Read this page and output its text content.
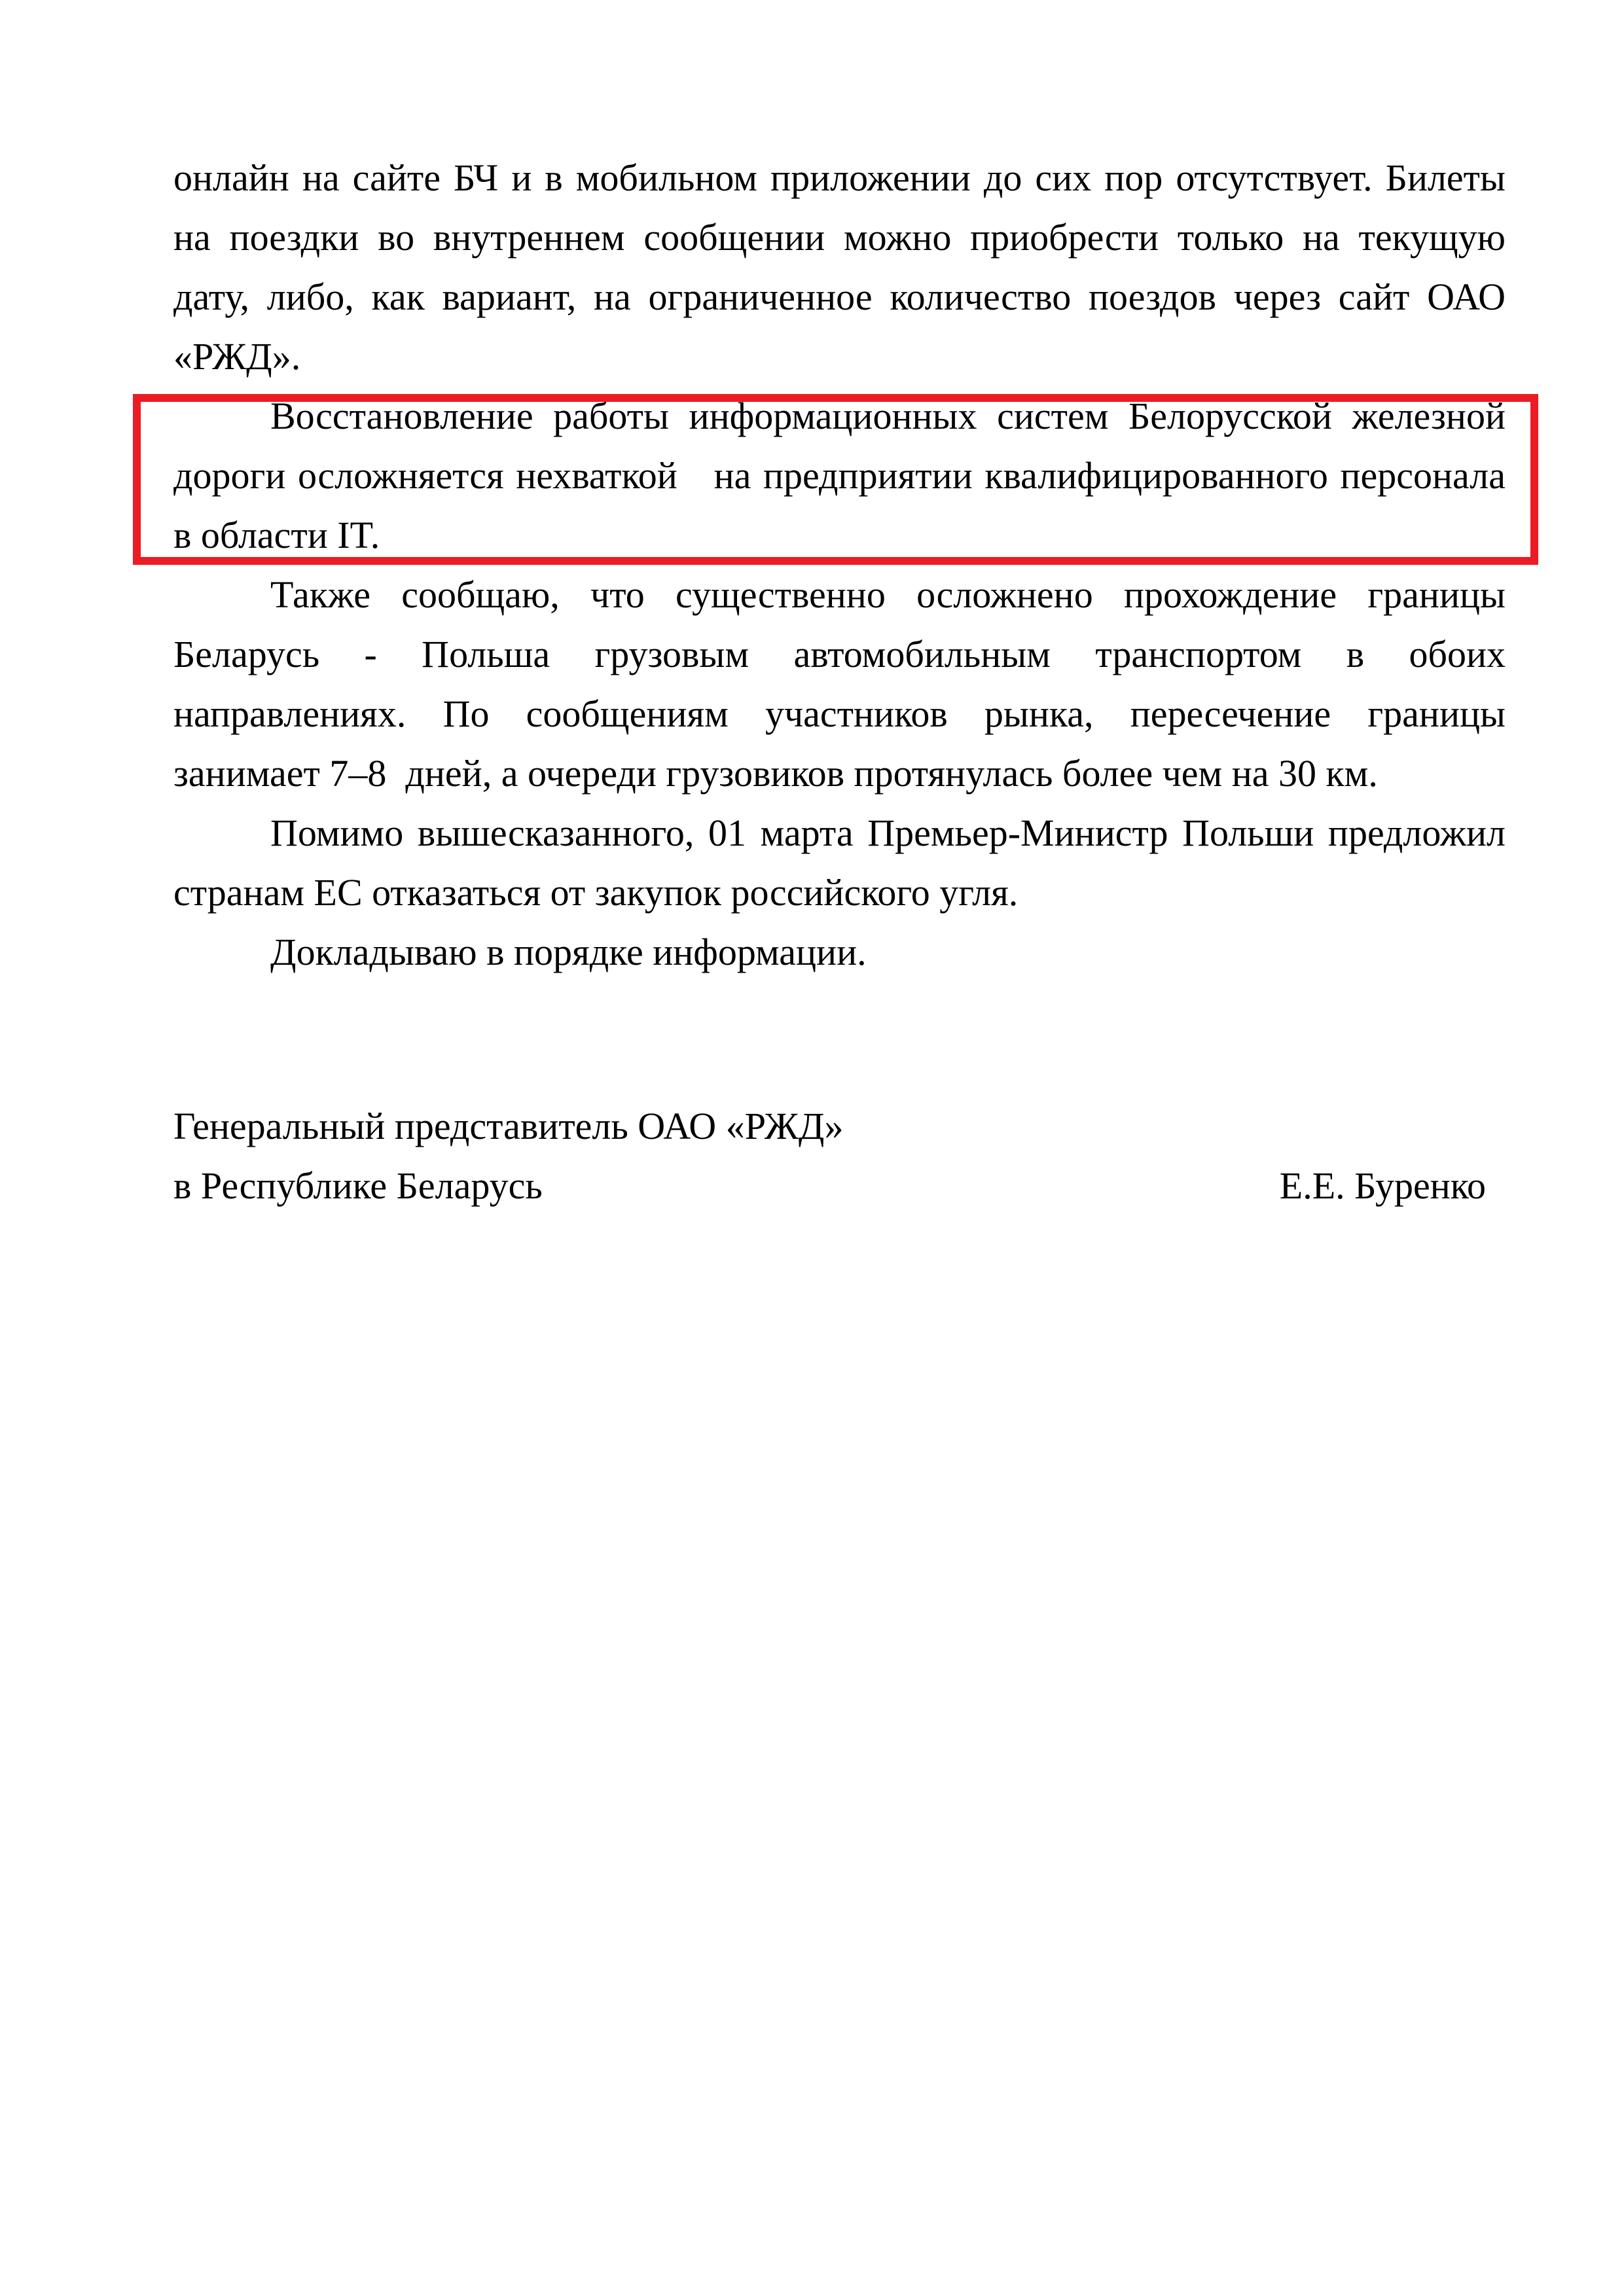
онлайн на сайте БЧ и в мобильном приложении до сих пор отсутствует. Билеты
на поездки во внутреннем сообщении можно приобрести только на текущую
дату, либо, как вариант, на ограниченное количество поездов через сайт ОАО
«РЖД».
Восстановление работы информационных систем Белорусской железной
дороги осложняется нехваткой   на предприятии квалифицированного персонала
в области IT.
Также сообщаю, что существенно осложнено прохождение границы
Беларусь - Польша грузовым автомобильным транспортом в обоих
направлениях. По сообщениям участников рынка, пересечение границы
занимает 7–8  дней, а очереди грузовиков протянулась более чем на 30 км.
Помимо вышесказанного, 01 марта Премьер-Министр Польши предложил
странам ЕС отказаться от закупок российского угля.
Докладываю в порядке информации.
Генеральный представитель ОАО «РЖД»
в Республике Беларусь	Е.Е. Буренко
